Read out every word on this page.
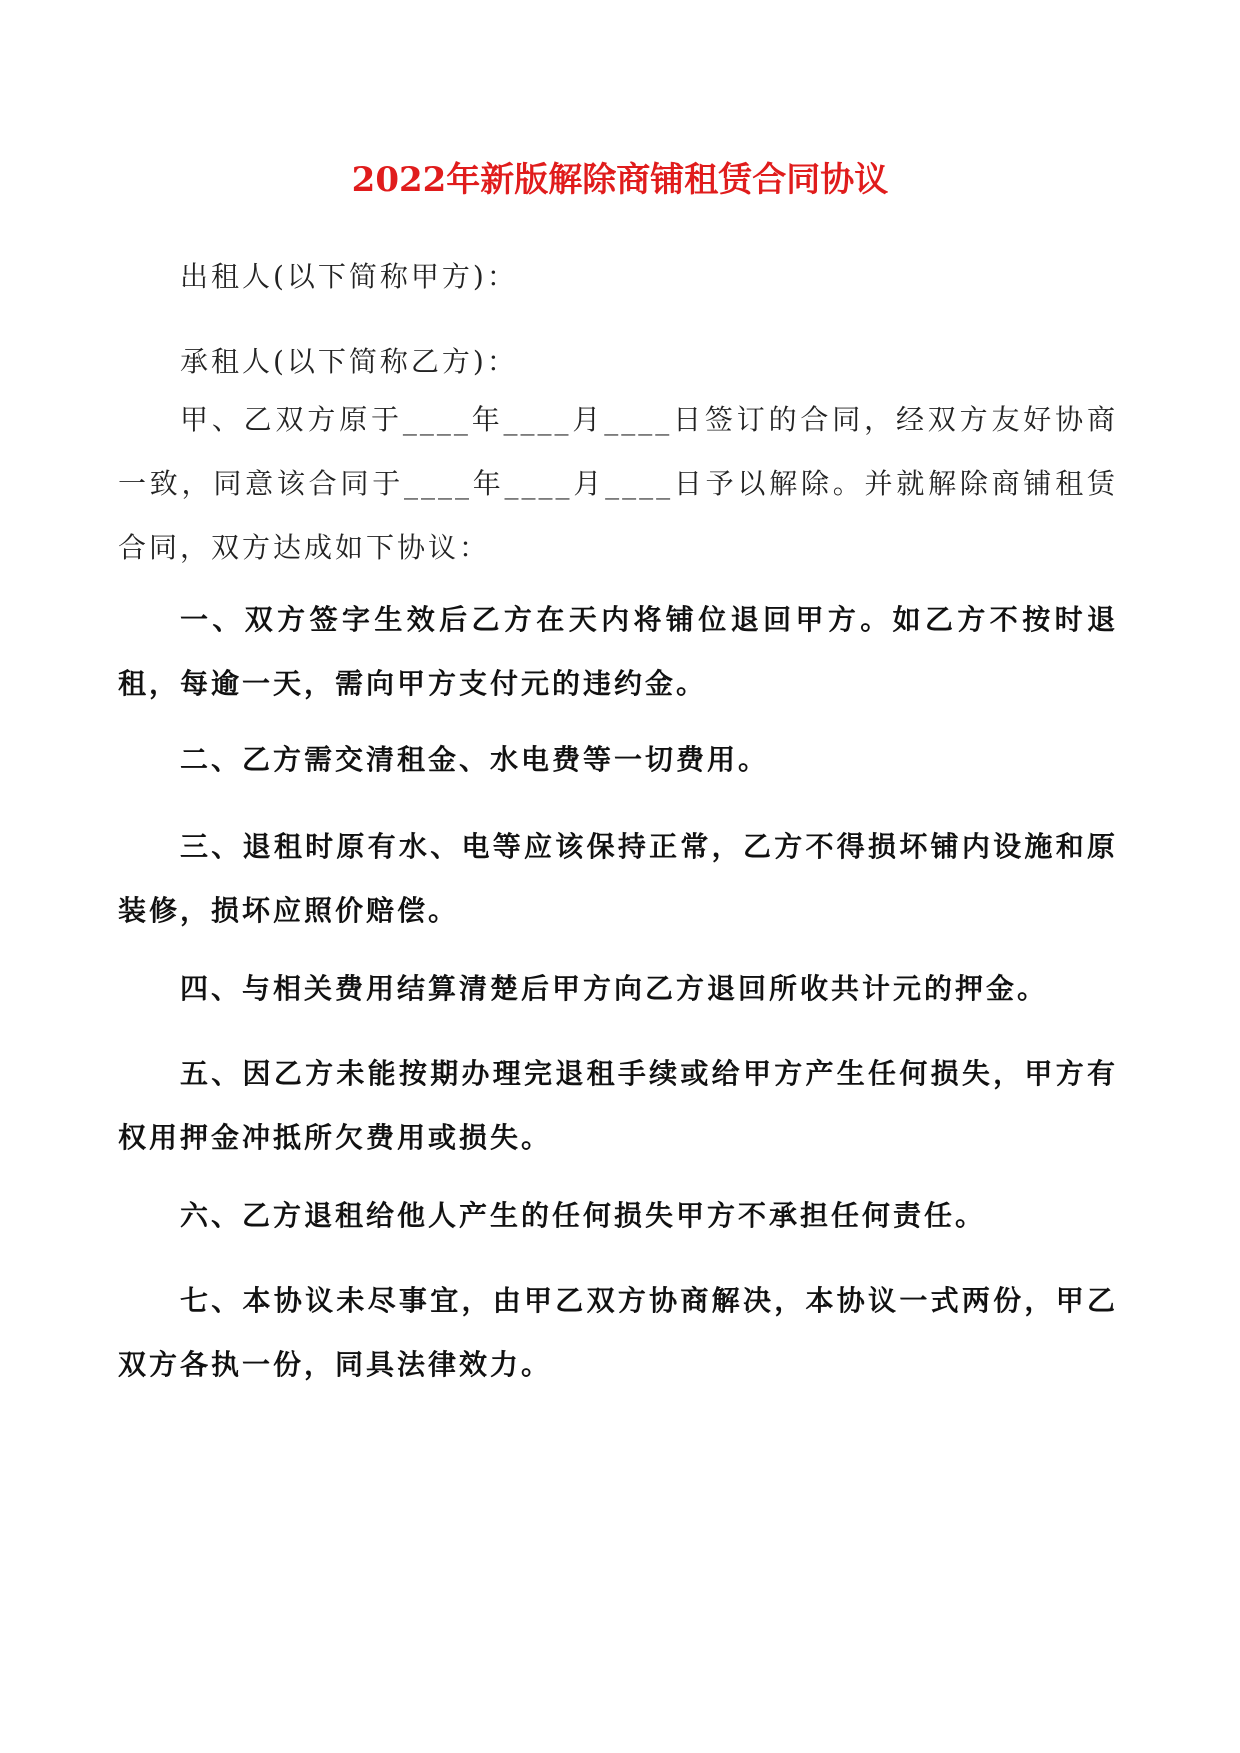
2022年新版解除商铺租赁合同协议

出租人(以下简称甲方)：

承租人(以下简称乙方)：

甲、乙双方原于____年____月____日签订的合同，经双方友好协商一致，同意该合同于____年____月____日予以解除。并就解除商铺租赁合同，双方达成如下协议：

一、双方签字生效后乙方在天内将铺位退回甲方。如乙方不按时退租，每逾一天，需向甲方支付元的违约金。

二、乙方需交清租金、水电费等一切费用。

三、退租时原有水、电等应该保持正常，乙方不得损坏铺内设施和原装修，损坏应照价赔偿。

四、与相关费用结算清楚后甲方向乙方退回所收共计元的押金。

五、因乙方未能按期办理完退租手续或给甲方产生任何损失，甲方有权用押金冲抵所欠费用或损失。

六、乙方退租给他人产生的任何损失甲方不承担任何责任。

七、本协议未尽事宜，由甲乙双方协商解决，本协议一式两份，甲乙双方各执一份，同具法律效力。
